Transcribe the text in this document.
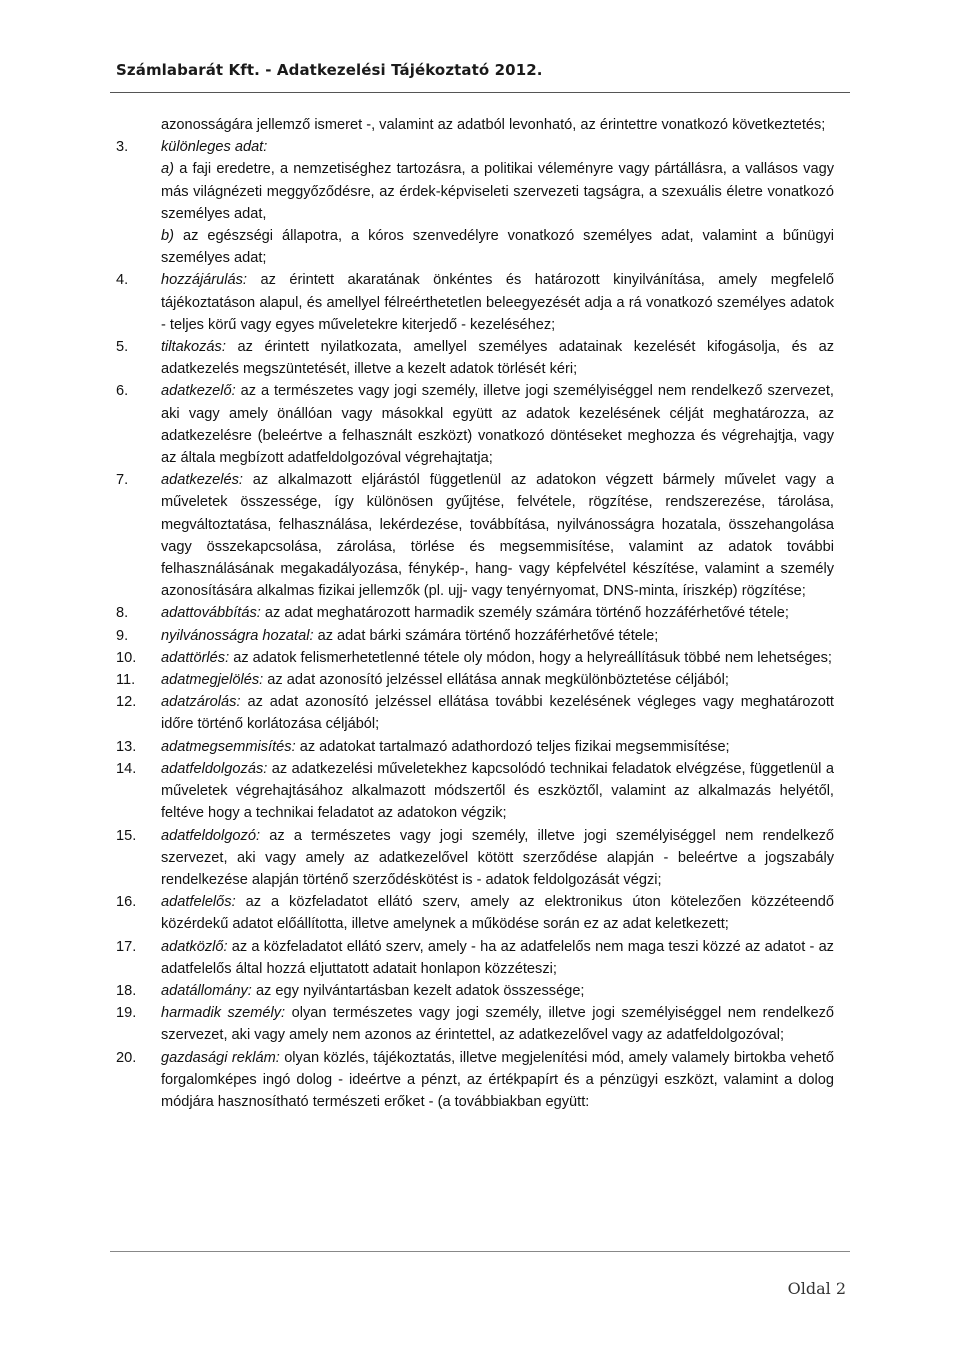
Számlabarát Kft. - Adatkezelési Tájékoztató 2012.
azonosságára jellemző ismeret -, valamint az adatból levonható, az érintettre vonatkozó következtetés;
3. különleges adat:
a) a faji eredetre, a nemzetiséghez tartozásra, a politikai véleményre vagy pártállásra, a vallásos vagy más világnézeti meggyőződésre, az érdek-képviseleti szervezeti tagságra, a szexuális életre vonatkozó személyes adat,
b) az egészségi állapotra, a kóros szenvedélyre vonatkozó személyes adat, valamint a bűnügyi személyes adat;
4. hozzájárulás: az érintett akaratának önkéntes és határozott kinyilvánítása, amely megfelelő tájékoztatáson alapul, és amellyel félreérthetetlen beleegyezését adja a rá vonatkozó személyes adatok - teljes körű vagy egyes műveletekre kiterjedő - kezeléséhez;
5. tiltakozás: az érintett nyilatkozata, amellyel személyes adatainak kezelését kifogásolja, és az adatkezelés megszüntetését, illetve a kezelt adatok törlését kéri;
6. adatkezelő: az a természetes vagy jogi személy, illetve jogi személyiséggel nem rendelkező szervezet, aki vagy amely önállóan vagy másokkal együtt az adatok kezelésének célját meghatározza, az adatkezelésre (beleértve a felhasznált eszközt) vonatkozó döntéseket meghozza és végrehajtja, vagy az általa megbízott adatfeldolgozóval végrehajtatja;
7. adatkezelés: az alkalmazott eljárástól függetlenül az adatokon végzett bármely művelet vagy a műveletek összessége, így különösen gyűjtése, felvétele, rögzítése, rendszerezése, tárolása, megváltoztatása, felhasználása, lekérdezése, továbbítása, nyilvánosságra hozatala, összehangolása vagy összekapcsolása, zárolása, törlése és megsemmisítése, valamint az adatok további felhasználásának megakadályozása, fénykép-, hang- vagy képfelvétel készítése, valamint a személy azonosítására alkalmas fizikai jellemzők (pl. ujj- vagy tenyérnyomat, DNS-minta, íriszkép) rögzítése;
8. adattovábbítás: az adat meghatározott harmadik személy számára történő hozzáférhetővé tétele;
9. nyilvánosságra hozatal: az adat bárki számára történő hozzáférhetővé tétele;
10. adattörlés: az adatok felismerhetetlenné tétele oly módon, hogy a helyreállításuk többé nem lehetséges;
11. adatmegjelölés: az adat azonosító jelzéssel ellátása annak megkülönböztetése céljából;
12. adatzárolás: az adat azonosító jelzéssel ellátása további kezelésének végleges vagy meghatározott időre történő korlátozása céljából;
13. adatmegsemmisítés: az adatokat tartalmazó adathordozó teljes fizikai megsemmisítése;
14. adatfeldolgozás: az adatkezelési műveletekhez kapcsolódó technikai feladatok elvégzése, függetlenül a műveletek végrehajtásához alkalmazott módszertől és eszköztől, valamint az alkalmazás helyétől, feltéve hogy a technikai feladatot az adatokon végzik;
15. adatfeldolgozó: az a természetes vagy jogi személy, illetve jogi személyiséggel nem rendelkező szervezet, aki vagy amely az adatkezelővel kötött szerződése alapján - beleértve a jogszabály rendelkezése alapján történő szerződéskötést is - adatok feldolgozását végzi;
16. adatfelelős: az a közfeladatot ellátó szerv, amely az elektronikus úton kötelezően közzéteendő közérdekű adatot előállította, illetve amelynek a működése során ez az adat keletkezett;
17. adatközlő: az a közfeladatot ellátó szerv, amely - ha az adatfelelős nem maga teszi közzé az adatot - az adatfelelős által hozzá eljuttatott adatait honlapon közzéteszi;
18. adatállomány: az egy nyilvántartásban kezelt adatok összessége;
19. harmadik személy: olyan természetes vagy jogi személy, illetve jogi személyiséggel nem rendelkező szervezet, aki vagy amely nem azonos az érintettel, az adatkezelővel vagy az adatfeldolgozóval;
20. gazdasági reklám: olyan közlés, tájékoztatás, illetve megjelenítési mód, amely valamely birtokba vehető forgalomképes ingó dolog - ideértve a pénzt, az értékpapírt és a pénzügyi eszközt, valamint a dolog módjára hasznosítható természeti erőket - (a továbbiakban együtt:
Oldal 2
